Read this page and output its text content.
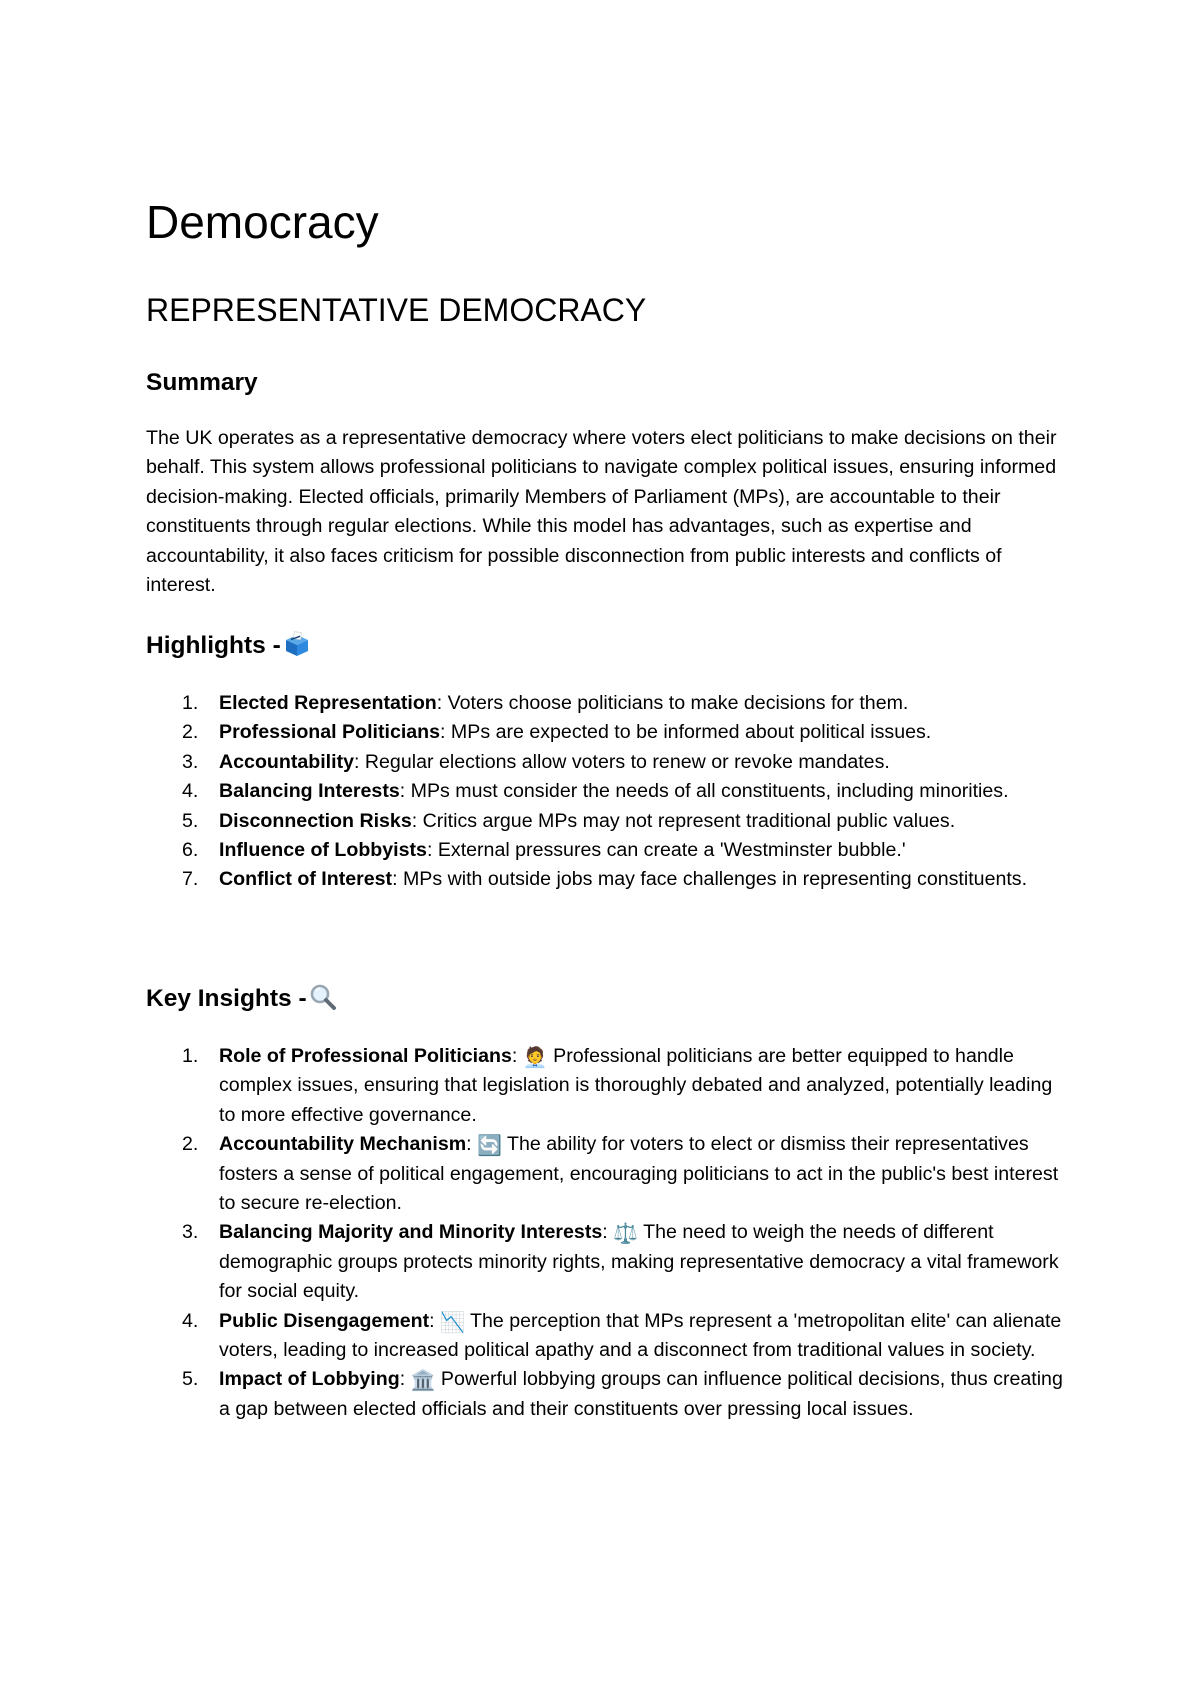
Democracy
REPRESENTATIVE DEMOCRACY
Summary

The UK operates as a representative democracy where voters elect politicians to make decisions on their behalf. This system allows professional politicians to navigate complex political issues, ensuring informed decision-making. Elected officials, primarily Members of Parliament (MPs), are accountable to their constituents through regular elections. While this model has advantages, such as expertise and accountability, it also faces criticism for possible disconnection from public interests and conflicts of interest.

Highlights -
1. Elected Representation: Voters choose politicians to make decisions for them.
2. Professional Politicians: MPs are expected to be informed about political issues.
3. Accountability: Regular elections allow voters to renew or revoke mandates.
4. Balancing Interests: MPs must consider the needs of all constituents, including minorities.
5. Disconnection Risks: Critics argue MPs may not represent traditional public values.
6. Influence of Lobbyists: External pressures can create a 'Westminster bubble.'
7. Conflict of Interest: MPs with outside jobs may face challenges in representing constituents.
Key Insights -
1. Role of Professional Politicians: 🧑‍💼 Professional politicians are better equipped to handle complex issues, ensuring that legislation is thoroughly debated and analyzed, potentially leading to more effective governance.
2. Accountability Mechanism: 🔄 The ability for voters to elect or dismiss their representatives fosters a sense of political engagement, encouraging politicians to act in the public's best interest to secure re-election.
3. Balancing Majority and Minority Interests: ⚖️ The need to weigh the needs of different demographic groups protects minority rights, making representative democracy a vital framework for social equity.
4. Public Disengagement: 📉 The perception that MPs represent a 'metropolitan elite' can alienate voters, leading to increased political apathy and a disconnect from traditional values in society.
5. Impact of Lobbying: 🏛️ Powerful lobbying groups can influence political decisions, thus creating a gap between elected officials and their constituents over pressing local issues.
